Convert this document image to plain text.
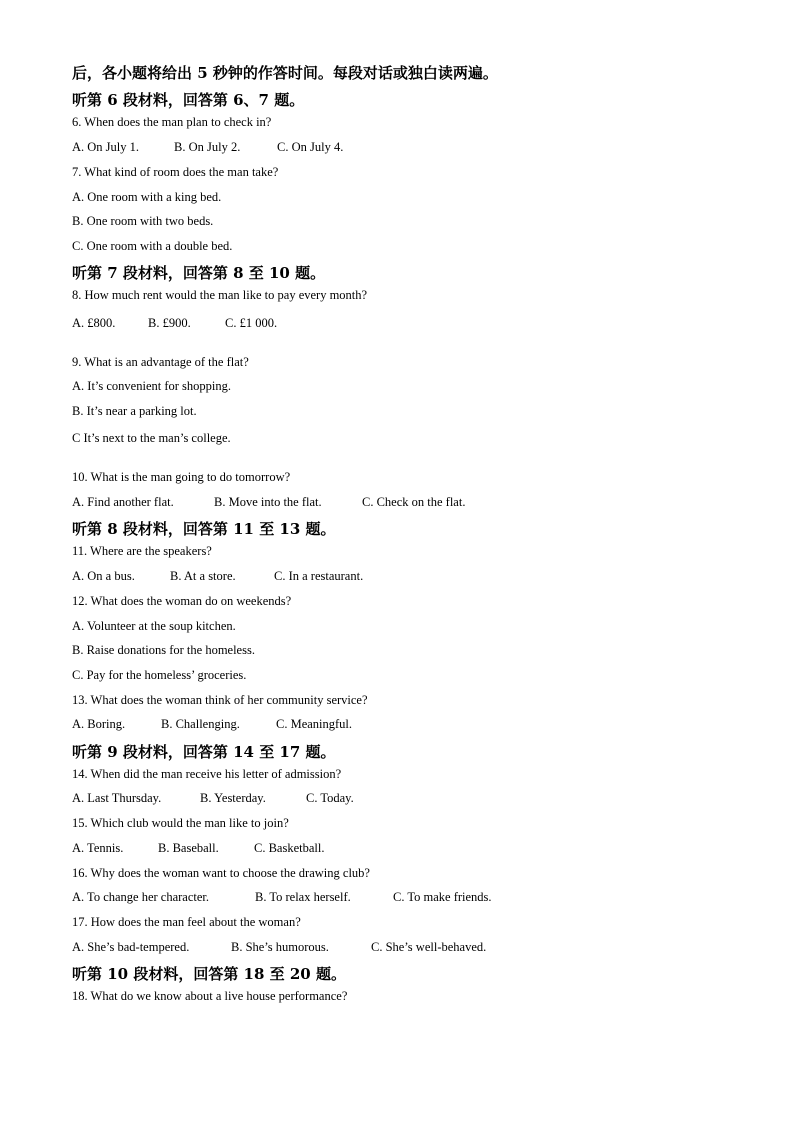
后，各小题将给出 5 秒钟的作答时间。每段对话或独白读两遍。
听第 6 段材料，回答第 6、7 题。
6. When does the man plan to check in?
A. On July 1.	B. On July 2.	C. On July 4.
7. What kind of room does the man take?
A. One room with a king bed.
B. One room with two beds.
C. One room with a double bed.
听第 7 段材料，回答第 8 至 10 题。
8. How much rent would the man like to pay every month?
A. £800.	B. £900.	C. £1 000.
9. What is an advantage of the flat?
A. It’s convenient for shopping.
B. It’s near a parking lot.
C It’s next to the man’s college.
10. What is the man going to do tomorrow?
A. Find another flat.	B. Move into the flat.	C. Check on the flat.
听第 8 段材料，回答第 11 至 13 题。
11. Where are the speakers?
A. On a bus.	B. At a store.	C. In a restaurant.
12. What does the woman do on weekends?
A. Volunteer at the soup kitchen.
B. Raise donations for the homeless.
C. Pay for the homeless’ groceries.
13. What does the woman think of her community service?
A. Boring.	B. Challenging.	C. Meaningful.
听第 9 段材料，回答第 14 至 17 题。
14. When did the man receive his letter of admission?
A. Last Thursday.	B. Yesterday.	C. Today.
15. Which club would the man like to join?
A. Tennis.	B. Baseball.	C. Basketball.
16. Why does the woman want to choose the drawing club?
A. To change her character.	B. To relax herself.	C. To make friends.
17. How does the man feel about the woman?
A. She’s bad-tempered.	B. She’s humorous.	C. She’s well-behaved.
听第 10 段材料，回答第 18 至 20 题。
18. What do we know about a live house performance?
